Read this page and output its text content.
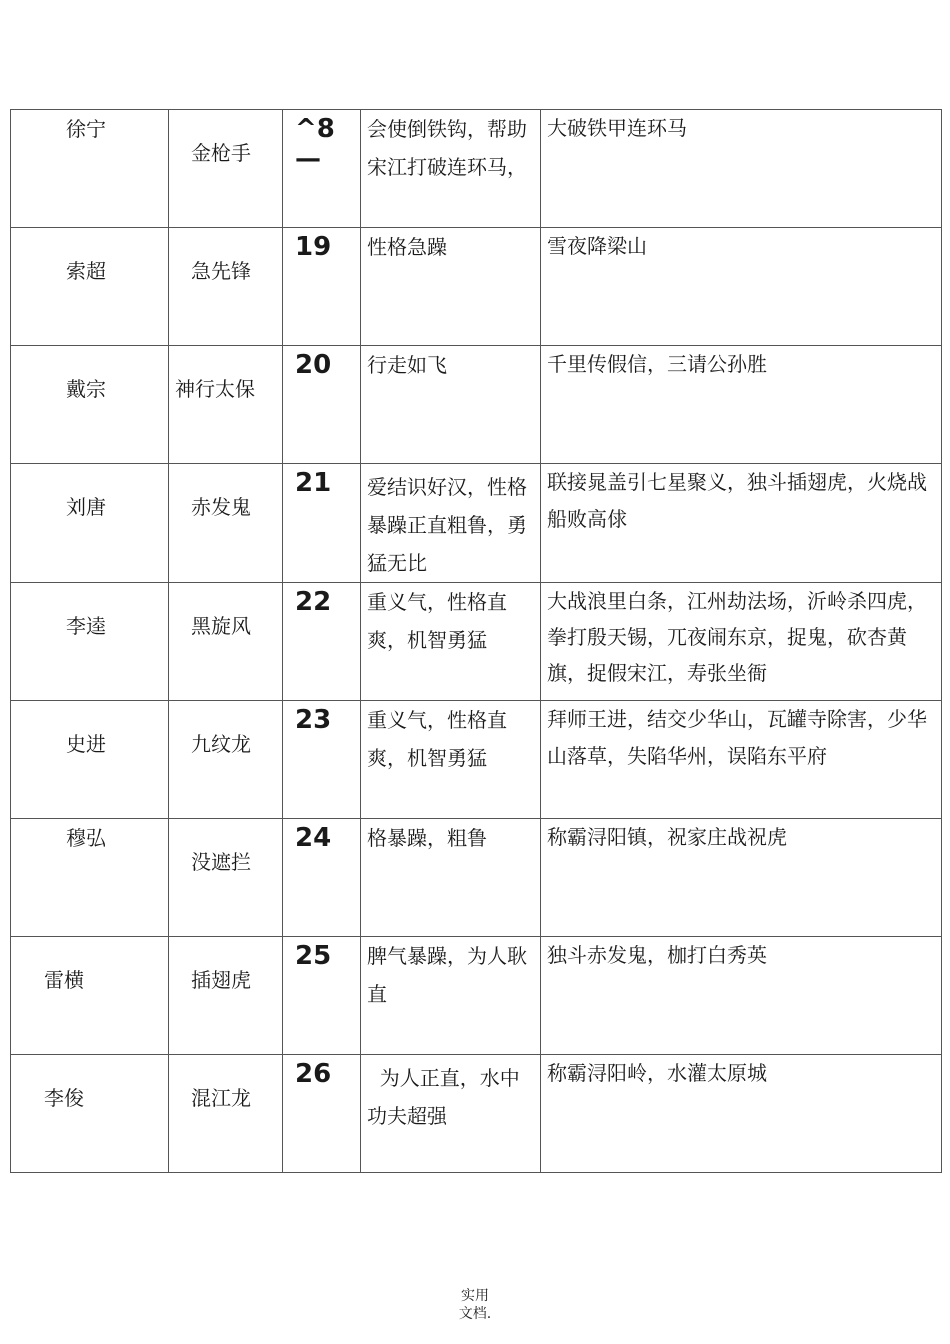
徐宁	金枪手	^8—	会使倒铁钩，帮助宋江打破连环马，	大破铁甲连环马

索超	急先锋	19	性格急躁	雪夜降梁山

戴宗	神行太保	20	行走如飞	千里传假信，三请公孙胜

刘唐	赤发鬼	21	爱结识好汉，性格暴躁正直粗鲁，勇猛无比	联接晁盖引七星聚义，独斗插翅虎，火烧战船败高俅

李逵	黑旋风	22	重义气，性格直爽，机智勇猛	大战浪里白条，江州劫法场，沂岭杀四虎，拳打殷天锡，兀夜闹东京，捉鬼，砍杏黄旗，捉假宋江，寿张坐衙

史进	九纹龙	23	重义气，性格直爽，机智勇猛	拜师王进，结交少华山，瓦罐寺除害，少华山落草，失陷华州，误陷东平府

穆弘	没遮拦	24	格暴躁，粗鲁	称霸浔阳镇，祝家庄战祝虎

雷横	插翅虎	25	脾气暴躁，为人耿直	独斗赤发鬼，枷打白秀英

李俊	混江龙	26	为人正直，水中功夫超强	称霸浔阳岭，水灌太原城
实用
文档.
